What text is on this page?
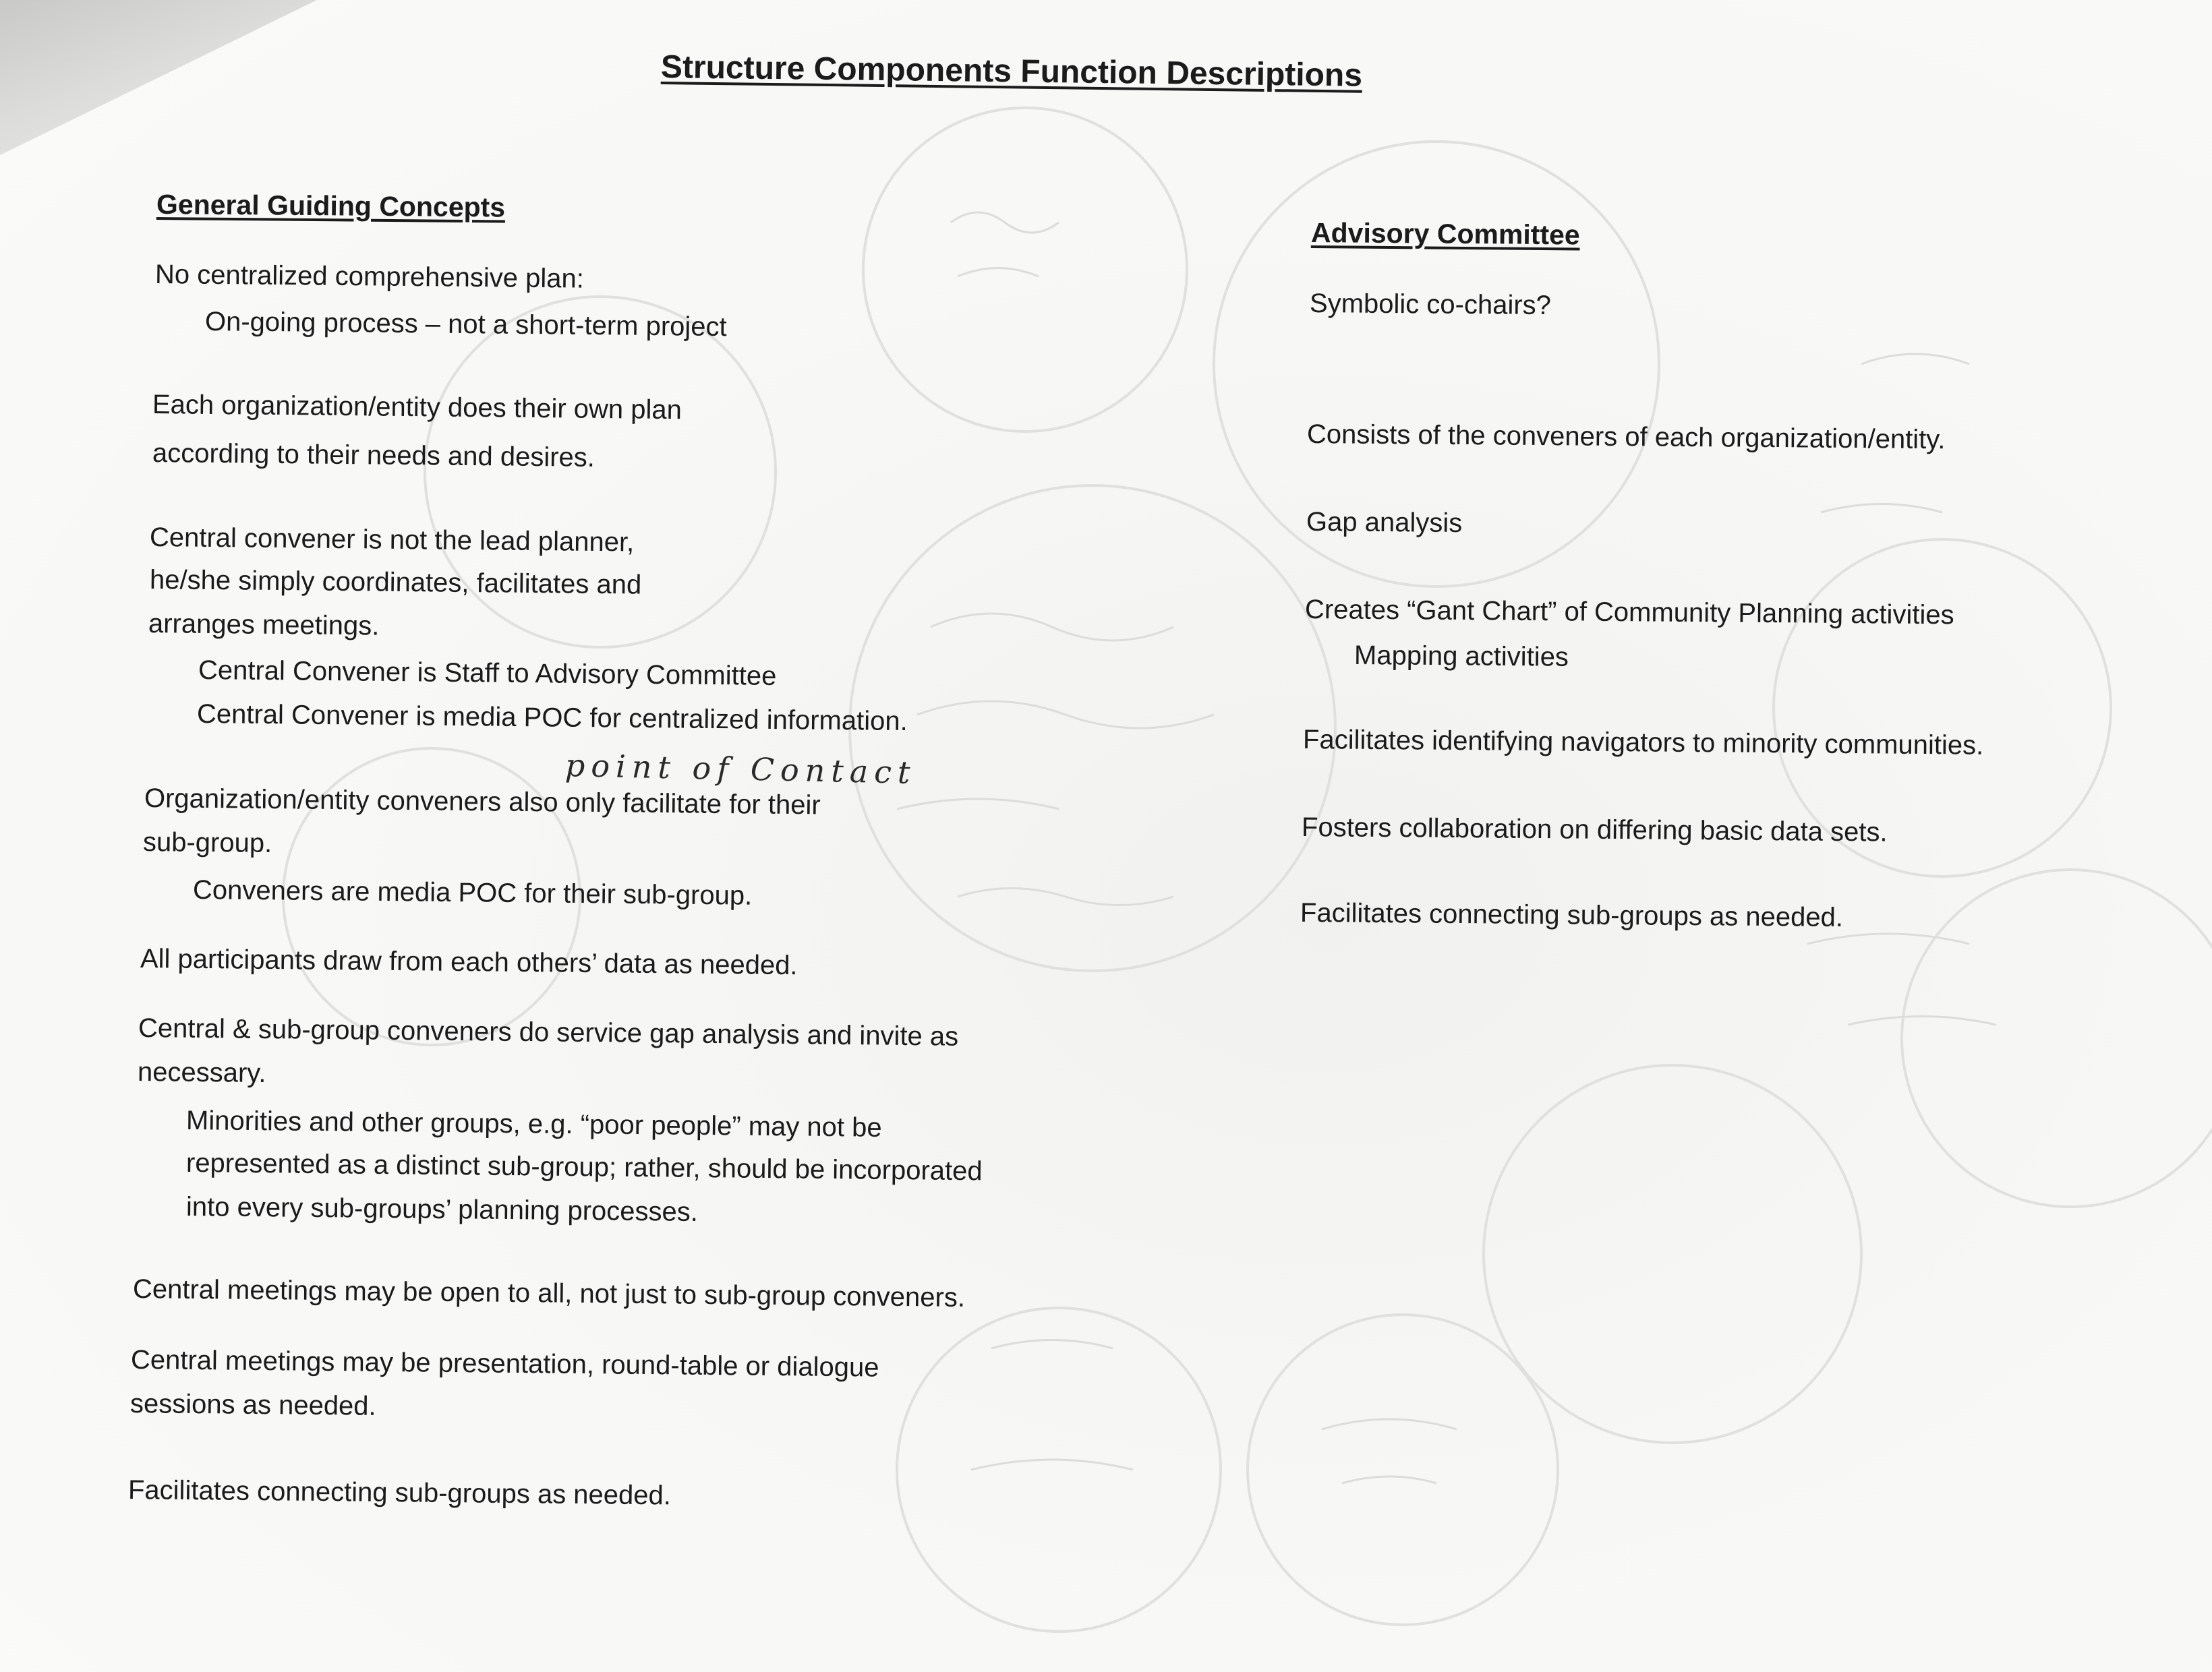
Structure Components Function Descriptions
General Guiding Concepts
No centralized comprehensive plan:
On-going process – not a short-term project
Each organization/entity does their own plan
according to their needs and desires.
Central convener is not the lead planner,
he/she simply coordinates, facilitates and
arranges meetings.
Central Convener is Staff to Advisory Committee
Central Convener is media POC for centralized information.
point of Contact
Organization/entity conveners also only facilitate for their
sub-group.
Conveners are media POC for their sub-group.
All participants draw from each others’ data as needed.
Central & sub-group conveners do service gap analysis and invite as
necessary.
Minorities and other groups, e.g. “poor people” may not be
represented as a distinct sub-group; rather, should be incorporated
into every sub-groups’ planning processes.
Central meetings may be open to all, not just to sub-group conveners.
Central meetings may be presentation, round-table or dialogue
sessions as needed.
Facilitates connecting sub-groups as needed.
Advisory Committee
Symbolic co-chairs?
Consists of the conveners of each organization/entity.
Gap analysis
Creates “Gant Chart” of Community Planning activities
Mapping activities
Facilitates identifying navigators to minority communities.
Fosters collaboration on differing basic data sets.
Facilitates connecting sub-groups as needed.
